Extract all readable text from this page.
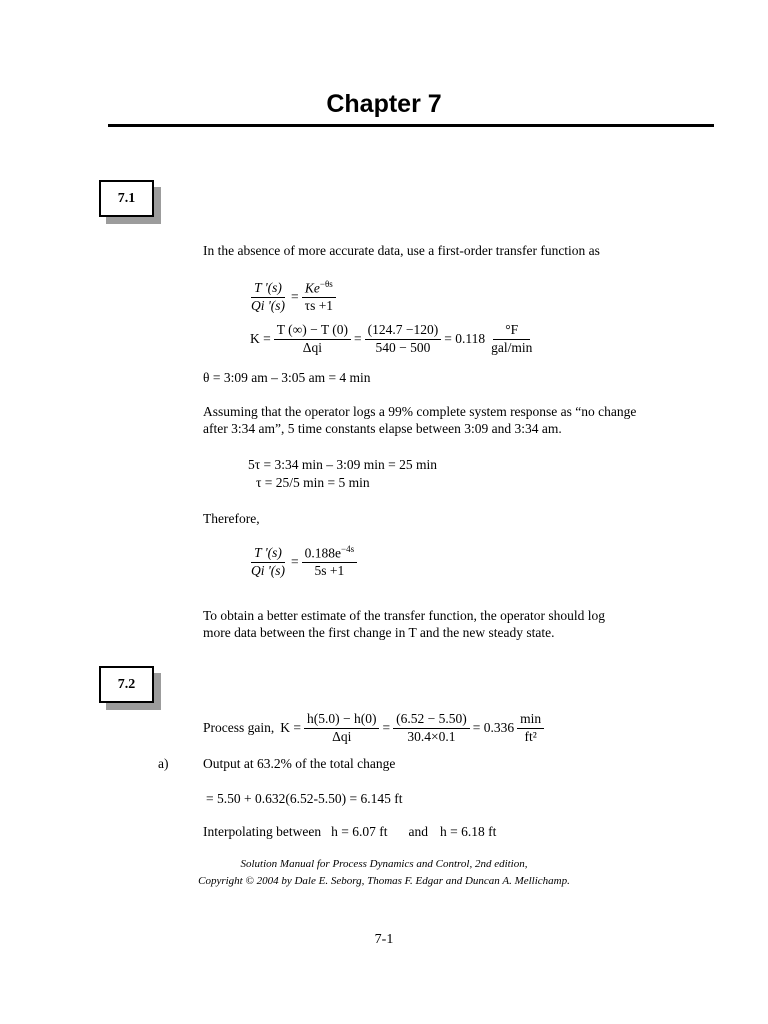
Chapter 7
7.1

In the absence of more accurate data, use a first-order transfer function as

$\frac{T '(s)}{Qi '(s)} = \frac{Ke^{-\theta s}}{\tau s +1}$
$K = \frac{T (\infty) - T (0)}{\text{Δqi}} = \frac{(124.7 -120)}{540 - 500} = 0.118 \frac{^\circ F}{\text{gal/min}}$

θ = 3:09 am – 3:05 am = 4 min

Assuming that the operator logs a 99% complete system response as “no change after 3:34 am”, 5 time constants elapse between 3:09 and 3:34 am.

5τ = 3:34 min – 3:09 min = 25 min

τ = 25/5 min = 5 min

Therefore,

$\frac{T '(s)}{Qi '(s)} = \frac{0.188e^{-4s}}{5s +1}$

To obtain a better estimate of the transfer function, the operator should log

more data between the first change in T and the new steady state.

7.2
Process gain, $K = \frac{h(5.0) - h(0)}{\text{Δqi}} = \frac{(6.52 - 5.50)}{30.4\times 0.1} = 0.336 \frac{\min}{\text{ft²}}$

a)	Output at 63.2% of the total change

= 5.50 + 0.632(6.52-5.50) = 6.145 ft

Interpolating between h = 6.07 ft	and h = 6.18 ft
Solution Manual for Process Dynamics and Control, 2nd edition,
Copyright © 2004 by Dale E. Seborg, Thomas F. Edgar and Duncan A. Mellichamp.
7-1
